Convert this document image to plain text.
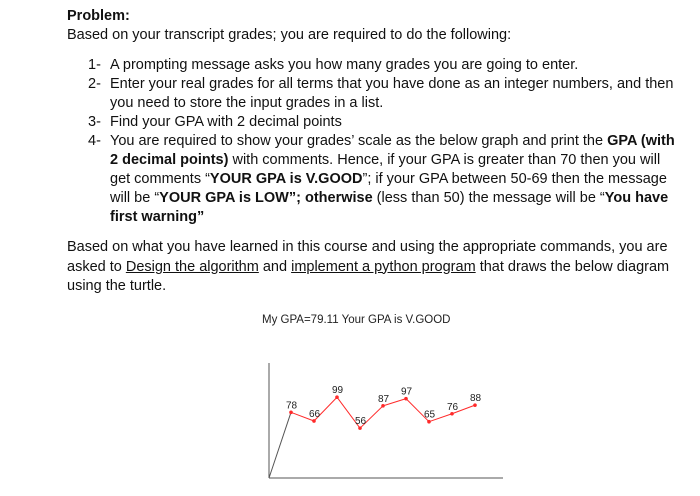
Problem:
Based on your transcript grades; you are required to do the following:
1- A prompting message asks you how many grades you are going to enter.
2- Enter your real grades for all terms that you have done as an integer numbers, and then you need to store the input grades in a list.
3- Find your GPA with 2 decimal points
4- You are required to show your grades’ scale as the below graph and print the GPA (with 2 decimal points) with comments. Hence, if your GPA is greater than 70 then you will get comments “YOUR GPA is V.GOOD”; if your GPA between 50-69 then the message will be “YOUR GPA is LOW”; otherwise (less than 50) the message will be “You have first warning”
Based on what you have learned in this course and using the appropriate commands, you are asked to Design the algorithm and implement a python program that draws the below diagram using the turtle.
My GPA=79.11 Your GPA is V.GOOD
78
66
99
56
87
97
65
76
88
